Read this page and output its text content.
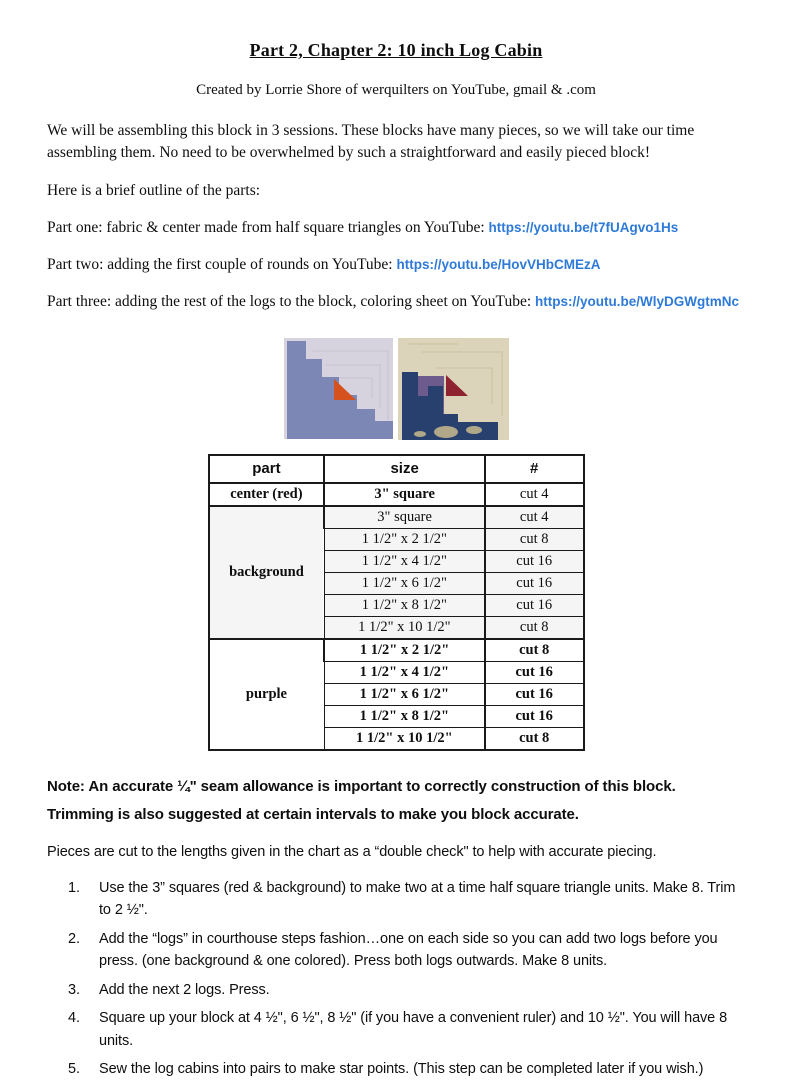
Part 2, Chapter 2: 10 inch Log Cabin
Created by Lorrie Shore of werquilters on YouTube, gmail & .com
We will be assembling this block in 3 sessions. These blocks have many pieces, so we will take our time assembling them. No need to be overwhelmed by such a straightforward and easily pieced block!
Here is a brief outline of the parts:
Part one: fabric & center made from half square triangles on YouTube: https://youtu.be/t7fUAgvo1Hs
Part two: adding the first couple of rounds on YouTube: https://youtu.be/HovVHbCMEzA
Part three: adding the rest of the logs to the block, coloring sheet on YouTube: https://youtu.be/WlyDGWgtmNc
part	size	#
center (red)	3" square	cut 4
background	3" square	cut 4
	1 1/2" x 2 1/2"	cut 8
	1 1/2" x 4 1/2"	cut 16
	1 1/2" x 6 1/2"	cut 16
	1 1/2" x 8 1/2"	cut 16
	1 1/2" x 10 1/2"	cut 8
purple	1 1/2" x 2 1/2"	cut 8
	1 1/2" x 4 1/2"	cut 16
	1 1/2" x 6 1/2"	cut 16
	1 1/2" x 8 1/2"	cut 16
	1 1/2" x 10 1/2"	cut 8
Note: An accurate ¼" seam allowance is important to correctly construction of this block.
Trimming is also suggested at certain intervals to make you block accurate.
Pieces are cut to the lengths given in the chart as a “double check" to help with accurate piecing.
1.	Use the 3” squares (red & background) to make two at a time half square triangle units. Make 8. Trim to 2 ½".
2.	Add the “logs” in courthouse steps fashion…one on each side so you can add two logs before you press. (one background & one colored). Press both logs outwards. Make 8 units.
3.	Add the next 2 logs. Press.
4.	Square up your block at 4 ½", 6 ½", 8 ½" (if you have a convenient ruler) and 10 ½". You will have 8 units.
5.	Sew the log cabins into pairs to make star points. (This step can be completed later if you wish.)
